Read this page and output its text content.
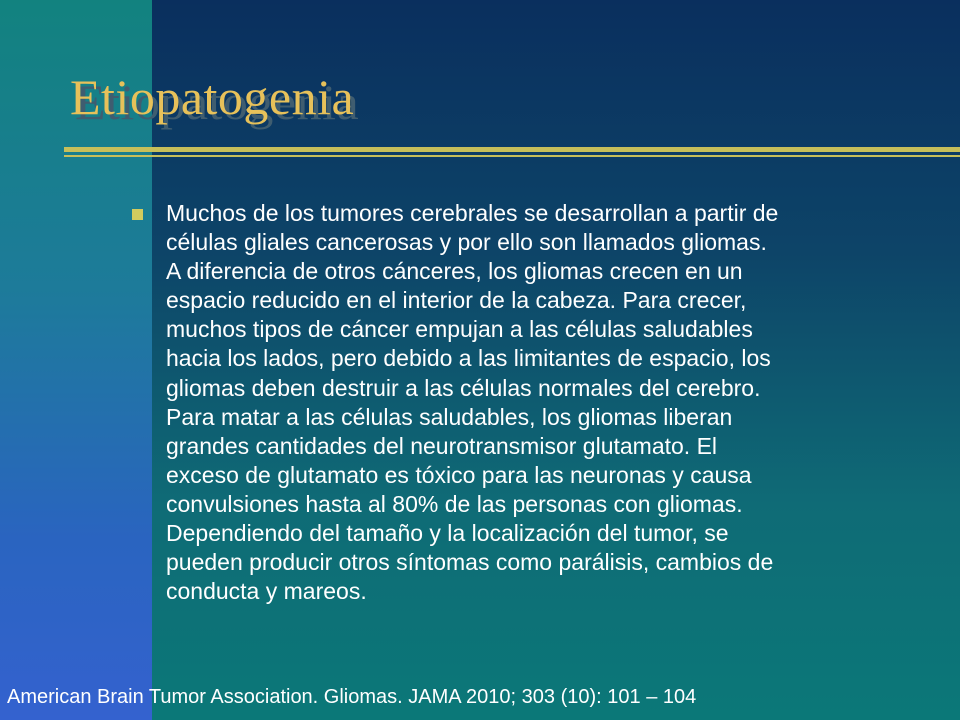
Etiopatogenia

Muchos de los tumores cerebrales se desarrollan a partir de
células gliales cancerosas y por ello son llamados gliomas.
A diferencia de otros cánceres, los gliomas crecen en un
espacio reducido en el interior de la cabeza. Para crecer,
muchos tipos de cáncer empujan a las células saludables
hacia los lados, pero debido a las limitantes de espacio, los
gliomas deben destruir a las células normales del cerebro.
Para matar a las células saludables, los gliomas liberan
grandes cantidades del neurotransmisor glutamato. El
exceso de glutamato es tóxico para las neuronas y causa
convulsiones hasta al 80% de las personas con gliomas.
Dependiendo del tamaño y la localización del tumor, se
pueden producir otros síntomas como parálisis, cambios de
conducta y mareos.

American Brain Tumor Association. Gliomas. JAMA 2010; 303 (10): 101 – 104
